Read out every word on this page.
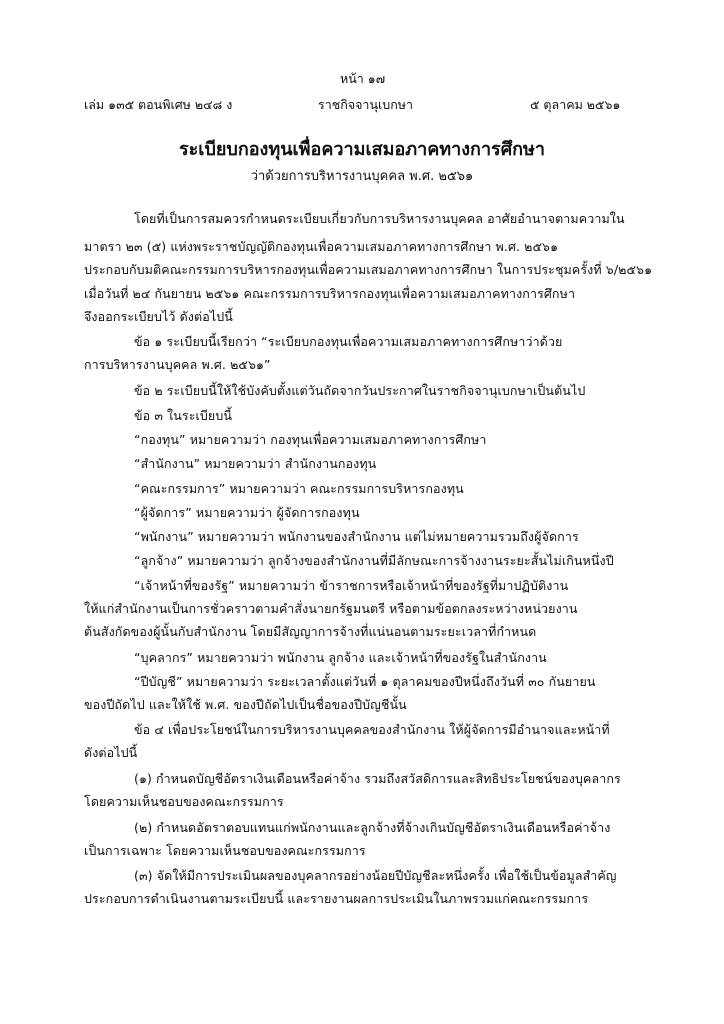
หน้า ๑๗
เล่ม ๑๓๕ ตอนพิเศษ ๒๔๘ ง	ราชกิจจานุเบกษา	๕ ตุลาคม ๒๕๖๑
ระเบียบกองทุนเพื่อความเสมอภาคทางการศึกษา
ว่าด้วยการบริหารงานบุคคล พ.ศ. ๒๕๖๑
โดยที่เป็นการสมควรกำหนดระเบียบเกี่ยวกับการบริหารงานบุคคล อาศัยอำนาจตามความใน
มาตรา ๒๓ (๕) แห่งพระราชบัญญัติกองทุนเพื่อความเสมอภาคทางการศึกษา พ.ศ. ๒๕๖๑
ประกอบกับมติคณะกรรมการบริหารกองทุนเพื่อความเสมอภาคทางการศึกษา ในการประชุมครั้งที่ ๖/๒๕๖๑
เมื่อวันที่ ๒๔ กันยายน ๒๕๖๑ คณะกรรมการบริหารกองทุนเพื่อความเสมอภาคทางการศึกษา
จึงออกระเบียบไว้ ดังต่อไปนี้
ข้อ ๑ ระเบียบนี้เรียกว่า “ระเบียบกองทุนเพื่อความเสมอภาคทางการศึกษาว่าด้วย
การบริหารงานบุคคล พ.ศ. ๒๕๖๑”
ข้อ ๒ ระเบียบนี้ให้ใช้บังคับตั้งแต่วันถัดจากวันประกาศในราชกิจจานุเบกษาเป็นต้นไป
ข้อ ๓ ในระเบียบนี้
“กองทุน” หมายความว่า กองทุนเพื่อความเสมอภาคทางการศึกษา
“สำนักงาน” หมายความว่า สำนักงานกองทุน
“คณะกรรมการ” หมายความว่า คณะกรรมการบริหารกองทุน
“ผู้จัดการ” หมายความว่า ผู้จัดการกองทุน
“พนักงาน” หมายความว่า พนักงานของสำนักงาน แต่ไม่หมายความรวมถึงผู้จัดการ
“ลูกจ้าง” หมายความว่า ลูกจ้างของสำนักงานที่มีลักษณะการจ้างงานระยะสั้นไม่เกินหนึ่งปี
“เจ้าหน้าที่ของรัฐ” หมายความว่า ข้าราชการหรือเจ้าหน้าที่ของรัฐที่มาปฏิบัติงาน
ให้แก่สำนักงานเป็นการชั่วคราวตามคำสั่งนายกรัฐมนตรี หรือตามข้อตกลงระหว่างหน่วยงาน
ต้นสังกัดของผู้นั้นกับสำนักงาน โดยมีสัญญาการจ้างที่แน่นอนตามระยะเวลาที่กำหนด
“บุคลากร” หมายความว่า พนักงาน ลูกจ้าง และเจ้าหน้าที่ของรัฐในสำนักงาน
“ปีบัญชี” หมายความว่า ระยะเวลาตั้งแต่วันที่ ๑ ตุลาคมของปีหนึ่งถึงวันที่ ๓๐ กันยายน
ของปีถัดไป และให้ใช้ พ.ศ. ของปีถัดไปเป็นชื่อของปีบัญชีนั้น
ข้อ ๔ เพื่อประโยชน์ในการบริหารงานบุคคลของสำนักงาน ให้ผู้จัดการมีอำนาจและหน้าที่
ดังต่อไปนี้
(๑) กำหนดบัญชีอัตราเงินเดือนหรือค่าจ้าง รวมถึงสวัสดิการและสิทธิประโยชน์ของบุคลากร
โดยความเห็นชอบของคณะกรรมการ
(๒) กำหนดอัตราตอบแทนแก่พนักงานและลูกจ้างที่จ้างเกินบัญชีอัตราเงินเดือนหรือค่าจ้าง
เป็นการเฉพาะ โดยความเห็นชอบของคณะกรรมการ
(๓) จัดให้มีการประเมินผลของบุคลากรอย่างน้อยปีบัญชีละหนึ่งครั้ง เพื่อใช้เป็นข้อมูลสำคัญ
ประกอบการดำเนินงานตามระเบียบนี้ และรายงานผลการประเมินในภาพรวมแก่คณะกรรมการ
